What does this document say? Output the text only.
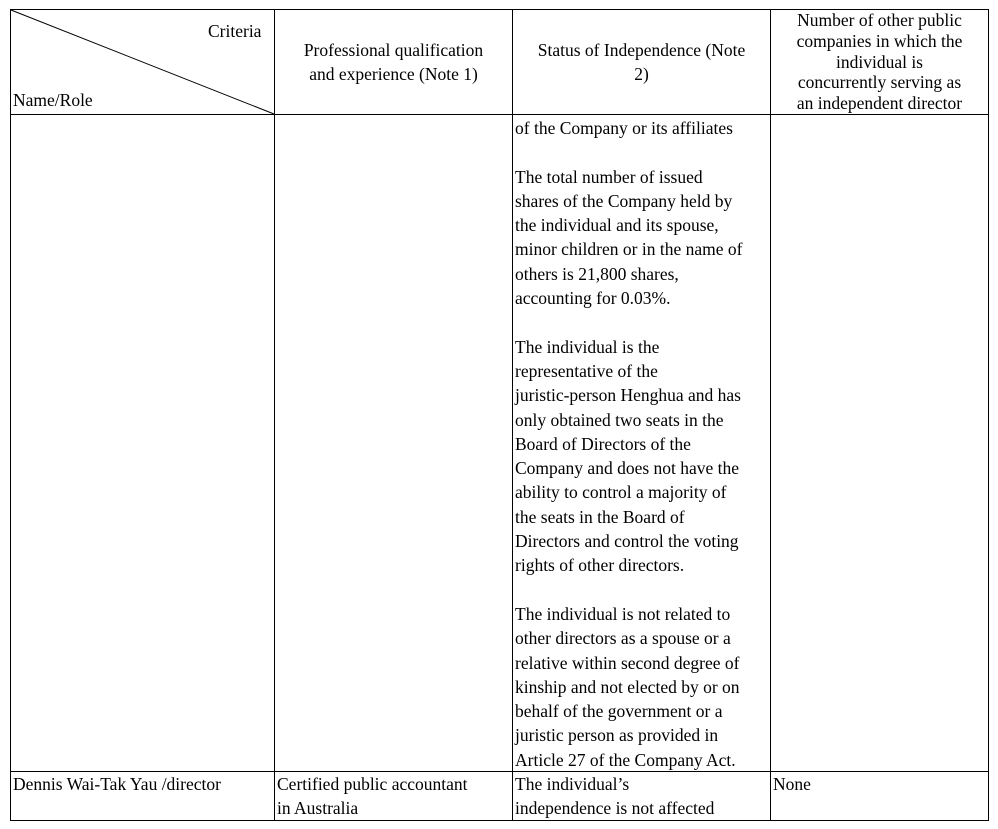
Criteria
Name/Role
Professional qualification
and experience (Note 1)
Status of Independence (Note
2)
Number of other public
companies in which the
individual is
concurrently serving as
an independent director
of the Company or its affiliates
The total number of issued
shares of the Company held by
the individual and its spouse,
minor children or in the name of
others is 21,800 shares,
accounting for 0.03%.
The individual is the
representative of the
juristic-person Henghua and has
only obtained two seats in the
Board of Directors of the
Company and does not have the
ability to control a majority of
the seats in the Board of
Directors and control the voting
rights of other directors.
The individual is not related to
other directors as a spouse or a
relative within second degree of
kinship and not elected by or on
behalf of the government or a
juristic person as provided in
Article 27 of the Company Act.
Dennis Wai-Tak Yau /director	Certified public accountant
in Australia
The individual’s
independence is not affected
None
